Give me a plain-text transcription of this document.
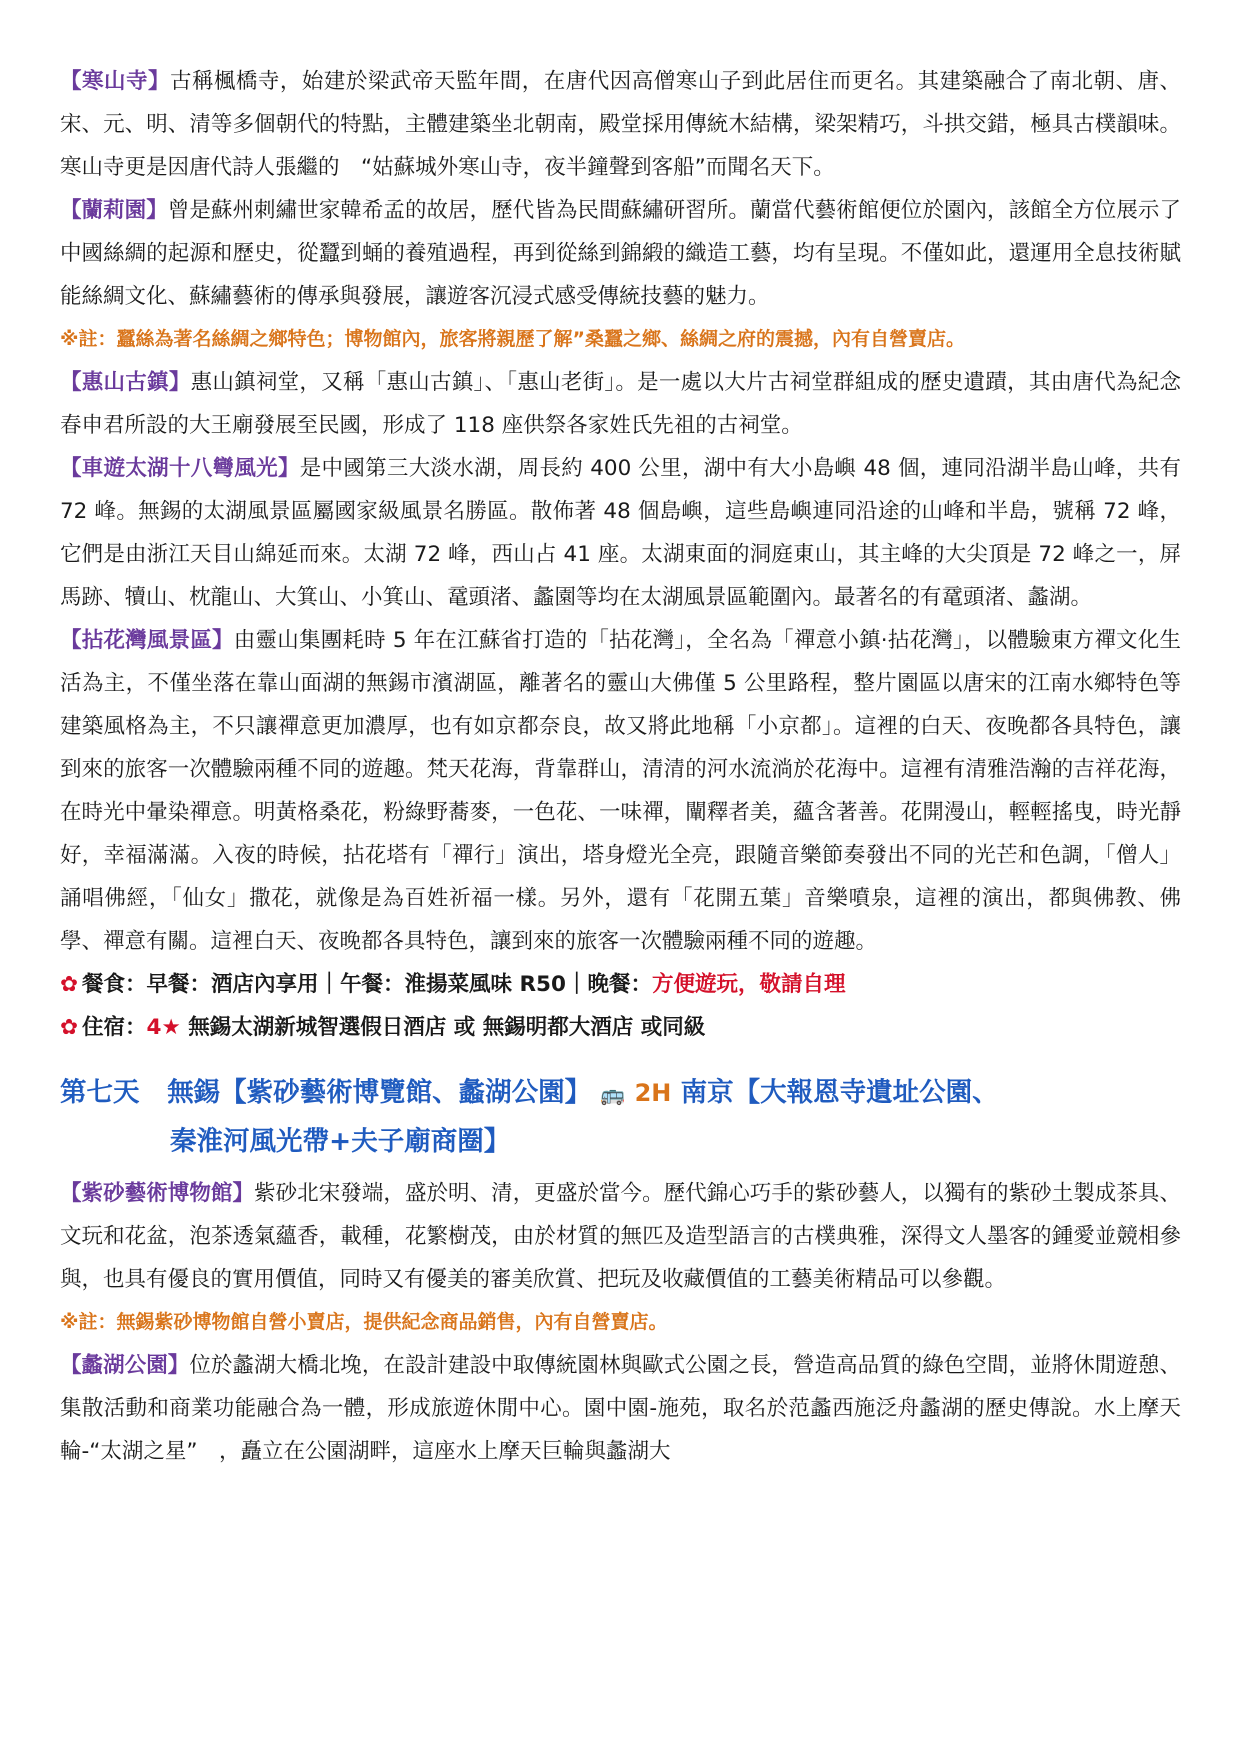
【寒山寺】古稱楓橋寺，始建於梁武帝天監年間，在唐代因高僧寒山子到此居住而更名。其建築融合了南北朝、唐、宋、元、明、清等多個朝代的特點，主體建築坐北朝南，殿堂採用傳統木結構，梁架精巧，斗拱交錯，極具古樸韻味。寒山寺更是因唐代詩人張繼的　“姑蘇城外寒山寺，夜半鐘聲到客船”而聞名天下。

【蘭莉園】曾是蘇州刺繡世家韓希孟的故居，歷代皆為民間蘇繡研習所。蘭當代藝術館便位於園內，該館全方位展示了中國絲綢的起源和歷史，從蠶到蛹的養殖過程，再到從絲到錦緞的織造工藝，均有呈現。不僅如此，還運用全息技術賦能絲綢文化、蘇繡藝術的傳承與發展，讓遊客沉浸式感受傳統技藝的魅力。

※註：蠶絲為著名絲綢之鄉特色；博物館內，旅客將親歷了解”桑蠶之鄉、絲綢之府的震撼，內有自營賣店。

【惠山古鎮】惠山鎮祠堂，又稱「惠山古鎮」、「惠山老街」。是一處以大片古祠堂群組成的歷史遺蹟，其由唐代為紀念春申君所設的大王廟發展至民國，形成了 118 座供祭各家姓氏先祖的古祠堂。

【車遊太湖十八彎風光】是中國第三大淡水湖，周長約 400 公里，湖中有大小島嶼 48 個，連同沿湖半島山峰，共有 72 峰。無錫的太湖風景區屬國家級風景名勝區。散佈著 48 個島嶼，這些島嶼連同沿途的山峰和半島，號稱 72 峰，它們是由浙江天目山綿延而來。太湖 72 峰，西山占 41 座。太湖東面的洞庭東山，其主峰的大尖頂是 72 峰之一，屏馬跡、犢山、枕龍山、大箕山、小箕山、鼋頭渚、蠡園等均在太湖風景區範圍內。最著名的有鼋頭渚、蠡湖。

【拈花灣風景區】由靈山集團耗時 5 年在江蘇省打造的「拈花灣」，全名為「禪意小鎮·拈花灣」，以體驗東方禪文化生活為主，不僅坐落在靠山面湖的無錫市濱湖區，離著名的靈山大佛僅 5 公里路程，整片園區以唐宋的江南水鄉特色等建築風格為主，不只讓禪意更加濃厚，也有如京都奈良，故又將此地稱「小京都」。這裡的白天、夜晚都各具特色，讓到來的旅客一次體驗兩種不同的遊趣。梵天花海，背靠群山，清清的河水流淌於花海中。這裡有清雅浩瀚的吉祥花海，在時光中暈染禪意。明黃格桑花，粉綠野蕎麥，一色花、一味禪，闡釋者美，蘊含著善。花開漫山，輕輕搖曳，時光靜好，幸福滿滿。入夜的時候，拈花塔有「禪行」演出，塔身燈光全亮，跟隨音樂節奏發出不同的光芒和色調，「僧人」誦唱佛經，「仙女」撒花，就像是為百姓祈福一樣。另外，還有「花開五葉」音樂噴泉，這裡的演出，都與佛教、佛學、禪意有關。這裡白天、夜晚都各具特色，讓到來的旅客一次體驗兩種不同的遊趣。

✿ 餐食：早餐：酒店內享用｜午餐：淮揚菜風味 R50｜晚餐：方便遊玩，敬請自理

✿ 住宿：4★ 無錫太湖新城智選假日酒店 或 無錫明都大酒店 或同級

第七天 無錫【紫砂藝術博覽館、蠡湖公園】 🚌 2H 南京【大報恩寺遺址公園、
秦淮河風光帶+夫子廟商圈】

【紫砂藝術博物館】紫砂北宋發端，盛於明、清，更盛於當今。歷代錦心巧手的紫砂藝人，以獨有的紫砂土製成茶具、文玩和花盆，泡茶透氣蘊香，載種，花繁樹茂，由於材質的無匹及造型語言的古樸典雅，深得文人墨客的鍾愛並競相參與，也具有優良的實用價值，同時又有優美的審美欣賞、把玩及收藏價值的工藝美術精品可以參觀。

※註：無錫紫砂博物館自營小賣店，提供紀念商品銷售，內有自營賣店。

【蠡湖公園】位於蠡湖大橋北堍，在設計建設中取傳統園林與歐式公園之長，營造高品質的綠色空間，並將休閒遊憩、集散活動和商業功能融合為一體，形成旅遊休閒中心。園中園-施苑，取名於范蠡西施泛舟蠡湖的歷史傳說。水上摩天輪-“太湖之星”　，矗立在公園湖畔，這座水上摩天巨輪與蠡湖大
